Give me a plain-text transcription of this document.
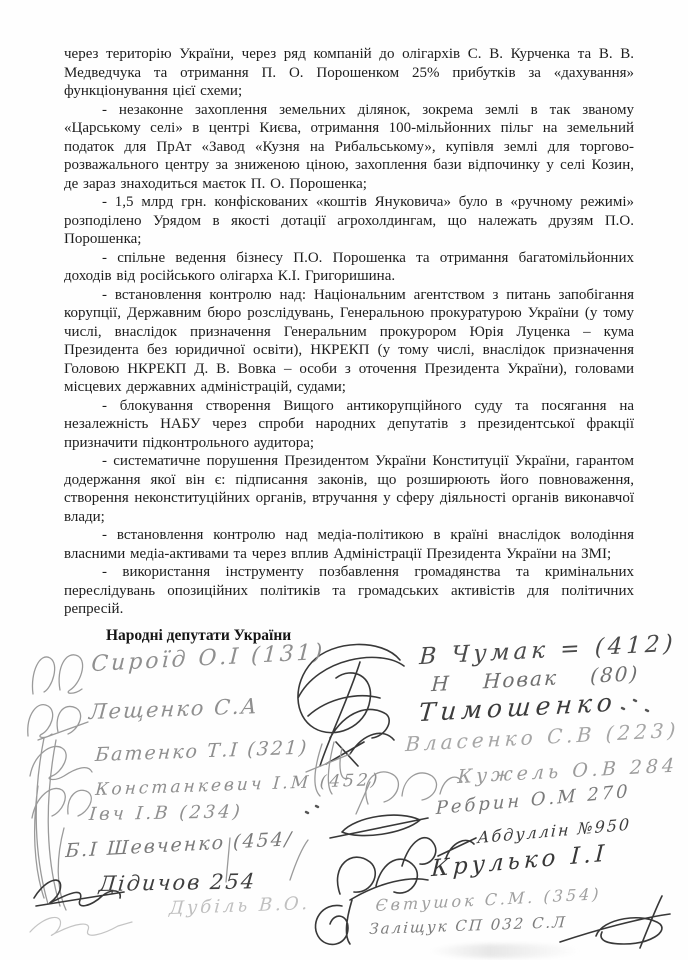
через територію України, через ряд компаній до олігархів С. В. Курченка та В. В. Медведчука та отримання П. О. Порошенком 25% прибутків за «дахування» функціонування цієї схеми;

- незаконне захоплення земельних ділянок, зокрема землі в так званому «Царському селі» в центрі Києва, отримання 100-мільйонних пільг на земельний податок для ПрАт «Завод «Кузня на Рибальському», купівля землі для торгово-розважального центру за зниженою ціною, захоплення бази відпочинку у селі Козин, де зараз знаходиться маєток П. О. Порошенка;

- 1,5 млрд грн. конфіскованих «коштів Януковича» було в «ручному режимі» розподілено Урядом в якості дотації агрохолдингам, що належать друзям П.О. Порошенка;

- спільне ведення бізнесу П.О. Порошенка та отримання багатомільйонних доходів від російського олігарха К.І. Григоришина.

- встановлення контролю над: Національним агентством з питань запобігання корупції, Державним бюро розслідувань, Генеральною прокуратурою України (у тому числі, внаслідок призначення Генеральним прокурором Юрія Луценка – кума Президента без юридичної освіти), НКРЕКП (у тому числі, внаслідок призначення Головою НКРЕКП Д. В. Вовка – особи з оточення Президента України), головами місцевих державних адміністрацій, судами;

- блокування створення Вищого антикорупційного суду та посягання на незалежність НАБУ через спроби народних депутатів з президентської фракції призначити підконтрольного аудитора;

- систематичне порушення Президентом України Конституції України, гарантом додержання якої він є: підписання законів, що розширюють його повноваження, створення неконституційних органів, втручання у сферу діяльності органів виконавчої влади;

- встановлення контролю над медіа-політикою в країні внаслідок володіння власними медіа-активами та через вплив Адміністрації Президента України на ЗМІ;

- використання інструменту позбавлення громадянства та кримінальних переслідувань опозиційних політиків та громадських активістів для політичних репресій.

Народні депутати України
Сироїд О.І (131)	В Чумак = (412)
Лещенко С.А
Н Новак (80)
Тимошенко
Батенко Т.І (321)	Власенко С.В (223)
Констанкевич І.М (452)	Кужель О.В 284
Івч І.В (234)	Ребрин О.М 270
Б.І Шевченко (454/	Абдуллін №950
Дідичов 254
Крулько І.І
Дубіль В.О.	Євтушок С.М. (354)
Заліщук СП 032 С.Л
